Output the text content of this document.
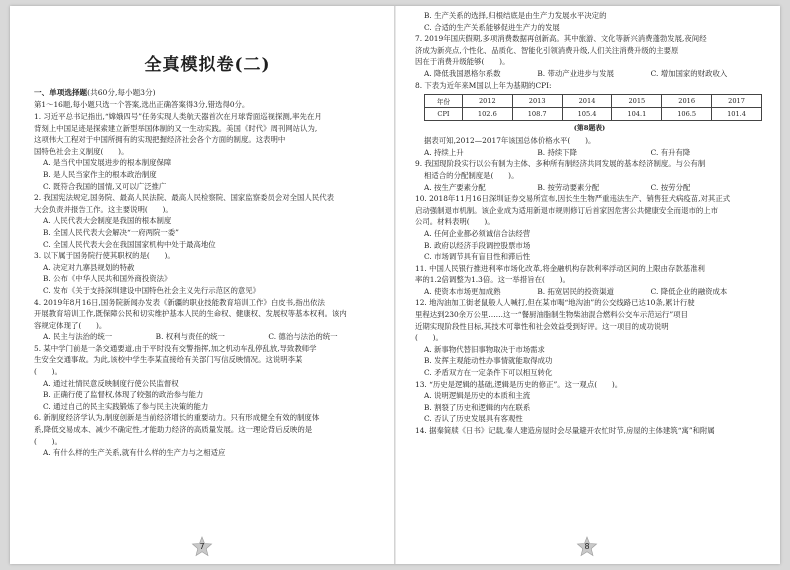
全真模拟卷(二)
一、单项选择题(共60分,每小题3分)
第1～16题,每小题只选一个答案,选出正确答案得3分,错选得0分。
1. 习近平总书记指出,“嫦娥四号”任务实现人类航天器首次在月球背面巡视探测,率先在月
背刻上中国足迹是探索建立新型举国体制的又一生动实践。美国《时代》周刊网站认为,
这项伟大工程对于中国所拥有的实现把握经济社会各个方面的制度。这表明中
国特色社会主义制度(　　)。
A. 是当代中国发展进步的根本制度保障
B. 是人民当家作主的根本政治制度
C. 既符合我国的国情,又可以广泛推广
2. 我国宪法规定,国务院、最高人民法院、最高人民检察院、国家监察委员会对全国人民代表
大会负责并报告工作。这主要说明(　　)。
A. 人民代表大会制度是我国的根本制度
B. 全国人民代表大会解决“一府两院一委”
C. 全国人民代表大会在我国国家机构中处于最高地位
3. 以下属于国务院行使其职权的是(　　)。
A. 决定对九寨县规划的特赦
B. 公布《中华人民共和国外商投资法》
C. 发布《关于支持深圳建设中国特色社会主义先行示范区的意见》
4. 2019年8月16日,国务院新闻办发表《新疆的职业技能教育培训工作》白皮书,指出依法
开展教育培训工作,既保障公民和切实维护基本人民的生命权、健康权、发展权等基本权利。该内
容规定体现了(　　)。
A. 民主与法治的统一	B. 权利与责任的统一	C. 德治与法治的统一
5. 某中学门前是一条交通要道,由于平时没有交警指挥,加之机动车乱停乱放,导致教师学
生安全交通事故。为此,该校中学生李某直接给有关部门写信反映情况。这说明李某
(　　)。
A. 通过社情民意反映制度行使公民监督权
B. 正确行使了监督权,体现了较强的政治参与能力
C. 通过自己的民主实践锻炼了参与民主决策的能力
6. 新制度经济学认为,制度创新是当前经济增长的重要动力。只有形成健全有效的制度体
系,降低交易成本、减少不确定性,才能助力经济的高质量发展。这一理论背后反映的是
(　　)。
A. 有什么样的生产关系,就有什么样的生产力与之相适应
7
B. 生产关系的选择,归根结底是由生产力发展水平决定的
C. 合适的生产关系能够促进生产力的发展
7. 2019年国庆假期,多项消费数据再创新高。其中旅游、文化等新兴消费蓬勃发展,夜间经
济成为新亮点,个性化、品质化、智能化引领消费升级,人们关注消费升级的主要原
因在于消费升级能够(　　)。
A. 降低我国恩格尔系数	B. 带动产业进步与发展	C. 增加国家的财政收入
8. 下表为近年来M国以上年为基期的CPI:
年份	2012	2013	2014	2015	2016	2017
CPI	102.6	108.7	105.4	104.1	106.5	101.4
(第8题表)
据表可知,2012—2017年该国总体价格水平(　　)。
A. 持续上升	B. 持续下降	C. 有升有降
9. 我国现阶段实行以公有制为主体、多种所有制经济共同发展的基本经济制度。与公有制
相适合的分配制度是(　　)。
A. 按生产要素分配	B. 按劳动要素分配	C. 按劳分配
10. 2018年11月16日深圳证券交易所宣布,因长生生物严重违法生产、销售狂犬病疫苗,对其正式
启动强制退市机制。该企业成为适用新退市规则修订后首家因危害公共健康安全而退市的上市
公司。材料表明(　　)。
A. 任何企业都必须诚信合法经营
B. 政府以经济手段调控股票市场
C. 市场调节具有盲目性和滞后性
11. 中国人民银行推进利率市场化改革,将金融机构存款利率浮动区间的上限由存款基准利
率的1.2倍调整为1.3倍。这一举措旨在(　　)。
A. 使资本市场更加成熟	B. 拓宽居民的投资渠道	C. 降低企业的融资成本
12. 地沟油加工街老鼠般人人喊打,但在某市喝“地沟油”的公交线路已达10条,累计行驶
里程达到230余万公里……这一“餐厨油脂制生物柴油混合燃料公交车示范运行”项目
近期实现阶段性目标,其技术可靠性和社会效益受到好评。这一项目的成功说明
(　　)。
A. 新事物代替旧事物取决于市场需求
B. 发挥主观能动性办事情就能取得成功
C. 矛盾双方在一定条件下可以相互转化
13. “历史是逻辑的基础,逻辑是历史的修正”。这一观点(　　)。
A. 说明逻辑是历史的本质和主流
B. 割裂了历史和逻辑的内在联系
C. 否认了历史发展具有客观性
14. 据秦简牍《日书》记载,秦人建造房屋时会尽量避开农忙时节,房屋的主体建筑“寓”和附属
8
